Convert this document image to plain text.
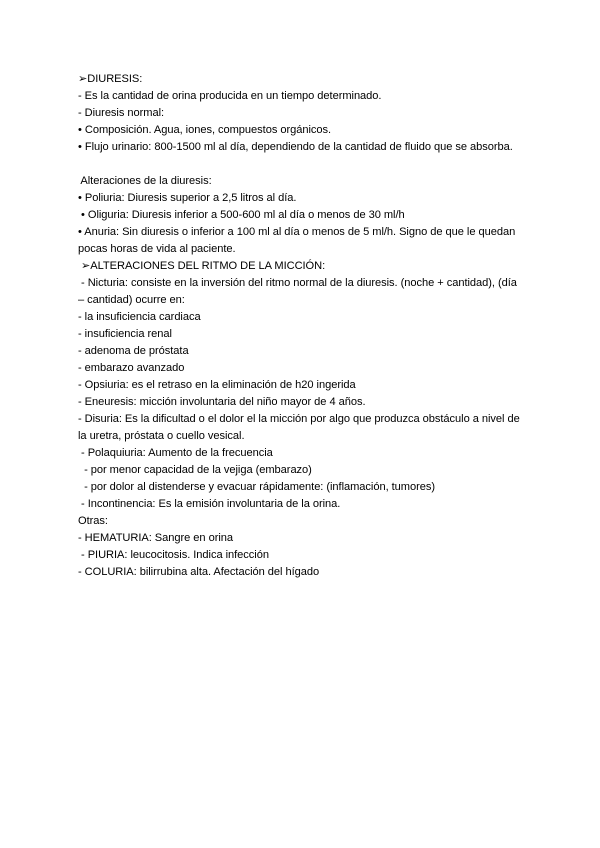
➢DIURESIS:
- Es la cantidad de orina producida en un tiempo determinado.
- Diuresis normal:
• Composición. Agua, iones, compuestos orgánicos.
• Flujo urinario: 800-1500 ml al día, dependiendo de la cantidad de fluido que se absorba.
Alteraciones de la diuresis:
• Poliuria: Diuresis superior a 2,5 litros al día.
• Oliguria: Diuresis inferior a 500-600 ml al día o menos de 30 ml/h
• Anuria: Sin diuresis o inferior a 100 ml al día o menos de 5 ml/h. Signo de que le quedan
pocas horas de vida al paciente.
➢ALTERACIONES DEL RITMO DE LA MICCIÓN:
- Nicturia: consiste en la inversión del ritmo normal de la diuresis. (noche + cantidad), (día
– cantidad) ocurre en:
- la insuficiencia cardiaca
- insuficiencia renal
- adenoma de próstata
- embarazo avanzado
- Opsiuria: es el retraso en la eliminación de h20 ingerida
- Eneuresis: micción involuntaria del niño mayor de 4 años.
- Disuria: Es la dificultad o el dolor el la micción por algo que produzca obstáculo a nivel de
la uretra, próstata o cuello vesical.
- Polaquiuria: Aumento de la frecuencia
- por menor capacidad de la vejiga (embarazo)
- por dolor al distenderse y evacuar rápidamente: (inflamación, tumores)
- Incontinencia: Es la emisión involuntaria de la orina.
Otras:
- HEMATURIA: Sangre en orina
- PIURIA: leucocitosis. Indica infección
- COLURIA: bilirrubina alta. Afectación del hígado
